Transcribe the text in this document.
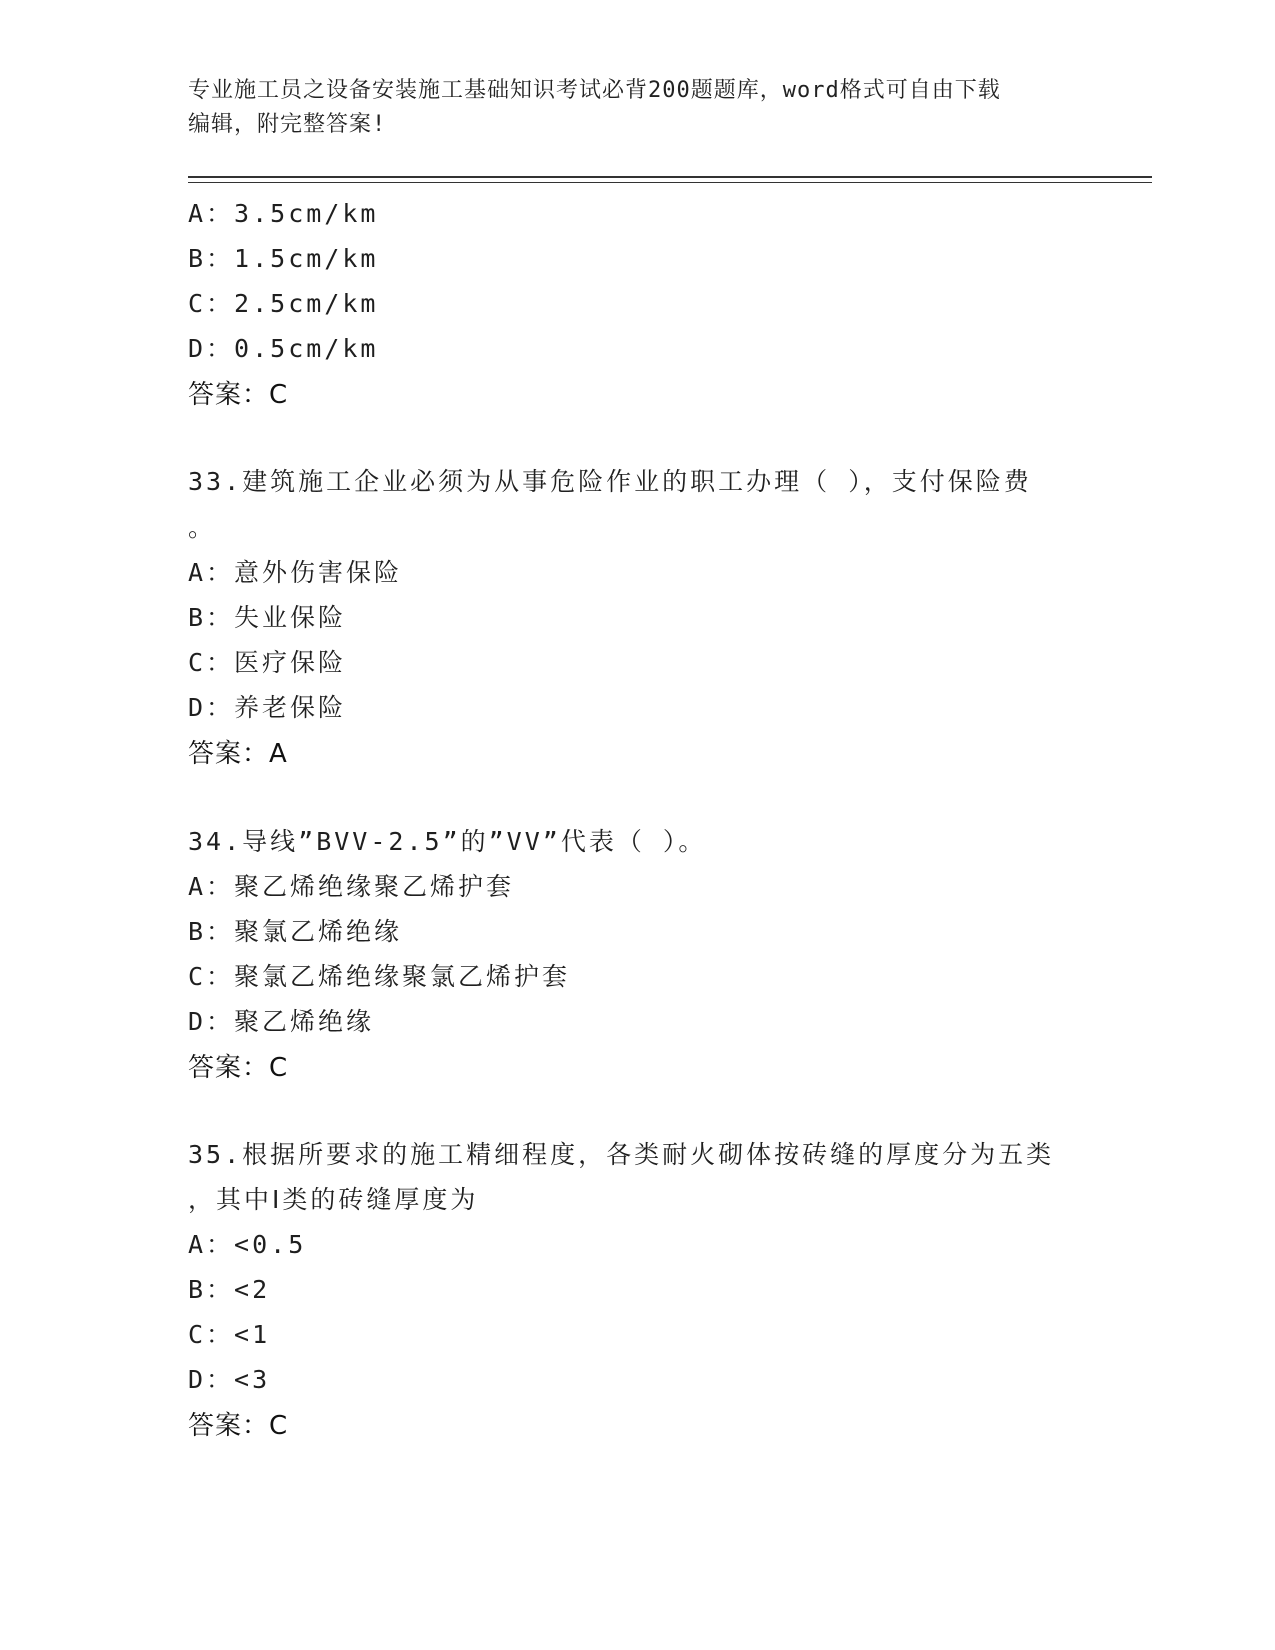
专业施工员之设备安装施工基础知识考试必背200题题库，word格式可自由下载
编辑，附完整答案!
A：3.5cm/km
B：1.5cm/km
C：2.5cm/km
D：0.5cm/km
答案：C
33.建筑施工企业必须为从事危险作业的职工办理（ ），支付保险费
。
A：意外伤害保险
B：失业保险
C：医疗保险
D：养老保险
答案：A
34.导线”BVV-2.5”的”VV”代表（ ）。
A：聚乙烯绝缘聚乙烯护套
B：聚氯乙烯绝缘
C：聚氯乙烯绝缘聚氯乙烯护套
D：聚乙烯绝缘
答案：C
35.根据所要求的施工精细程度，各类耐火砌体按砖缝的厚度分为五类
，其中Ⅰ类的砖缝厚度为
A：<0.5
B：<2
C：<1
D：<3
答案：C
